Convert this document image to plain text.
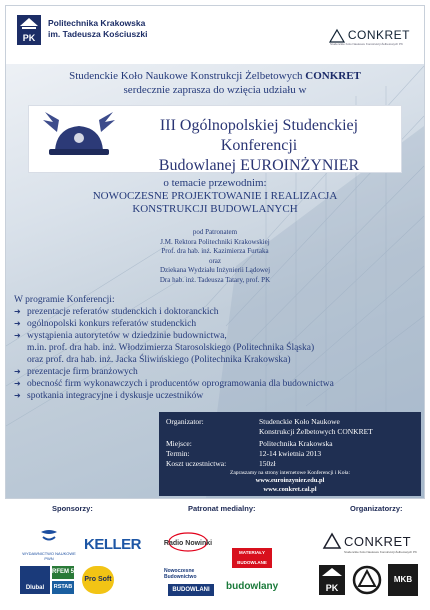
PK
Politechnika Krakowska
im. Tadeusza Kościuszki	CONKRET
Studenckie Koło Naukowe Konstrukcji Żelbetowych PK
Studenckie Koło Naukowe Konstrukcji Żelbetowych CONKRET
serdecznie zaprasza do wzięcia udziału w
III Ogólnopolskiej Studenckiej Konferencji
Budowlanej EUROINŻYNIER
o temacie przewodnim:
NOWOCZESNE PROJEKTOWANIE I REALIZACJA
KONSTRUKCJI BUDOWLANYCH
pod Patronatem
J.M. Rektora Politechniki Krakowskiej
Prof. dra hab. inż. Kazimierza Furtaka
oraz
Dziekana Wydziału Inżynierii Lądowej
Dra hab. inż. Tadeusza Tatary, prof. PK
W programie Konferencji:
➜ prezentacje referatów studenckich i doktoranckich
➜ ogólnopolski konkurs referatów studenckich
➜ wystąpienia autorytetów w dziedzinie budownictwa,
m.in. prof. dra hab. inż. Włodzimierza Starosolskiego (Politechnika Śląska)
oraz prof. dra hab. inż. Jacka Śliwińskiego (Politechnika Krakowska)
➜ prezentacje firm branżowych
➜ obecność firm wykonawczych i producentów oprogramowania dla budownictwa
➜ spotkania integracyjne i dyskusje uczestników
Organizator:	Studenckie Koło Naukowe
Konstrukcji Żelbetowych CONKRET
Miejsce:	Politechnika Krakowska
Termin:	12-14 kwietnia 2013
Koszt uczestnictwa:	150zł
Zapraszamy na strony internetowe Konferencji i Koła:
www.euroinzynier.edu.pl
www.conkret.cal.pl
Sponsorzy:	Patronat medialny:	Organizatorzy:
WYDAWNICTWO NAUKOWE PWN
KELLER
Dlubal
RFEM 5
RSTAB 8
Pro Soft
Radio Nowinki
MATERIAŁY BUDOWLANE
Nowoczesne Budownictwo
BUDOWLANI	budowlany
CONKRET
Studenckie Koło Naukowe Konstrukcji Żelbetowych PK
PK
MKB
